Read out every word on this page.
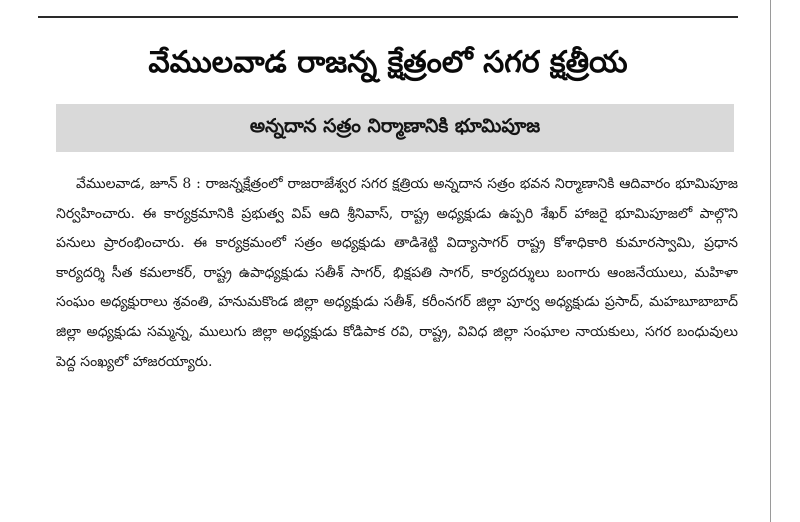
వేములవాడ రాజన్న క్షేత్రంలో సగర క్షత్రీయ
అన్నదాన సత్రం నిర్మాణానికి భూమిపూజ

వేములవాడ, జూన్ 8 : రాజన్నక్షేత్రంలో రాజరాజేశ్వర సగర క్షత్రియ అన్నదాన సత్రం భవన నిర్మాణానికి ఆదివారం భూమిపూజ నిర్వహించారు. ఈ కార్యక్రమానికి ప్రభుత్వ విప్ ఆది శ్రీనివాస్, రాష్ట్ర అధ్యక్షుడు ఉప్పరి శేఖర్ హాజరై భూమిపూజలో పాల్గొని పనులు ప్రారంభించారు. ఈ కార్యక్రమంలో సత్రం అధ్యక్షుడు తాడిశెట్టి విద్యాసాగర్ రాష్ట్ర కోశాధికారి కుమారస్వామి, ప్రధాన కార్యదర్శి సీత కమలాకర్, రాష్ట్ర ఉపాధ్యక్షుడు సతీశ్ సాగర్, భిక్షపతి సాగర్, కార్యదర్శులు బంగారు ఆంజనేయులు, మహిళా సంఘం అధ్యక్షురాలు శ్రవంతి, హనుమకొండ జిల్లా అధ్యక్షుడు సతీశ్, కరీంనగర్ జిల్లా పూర్వ అధ్యక్షుడు ప్రసాద్, మహబూబాబాద్ జిల్లా అధ్యక్షుడు సమ్మన్న, ములుగు జిల్లా అధ్యక్షుడు కోడిపాక రవి, రాష్ట్ర, వివిధ జిల్లా సంఘాల నాయకులు, సగర బంధువులు పెద్ద సంఖ్యలో హాజరయ్యారు.
